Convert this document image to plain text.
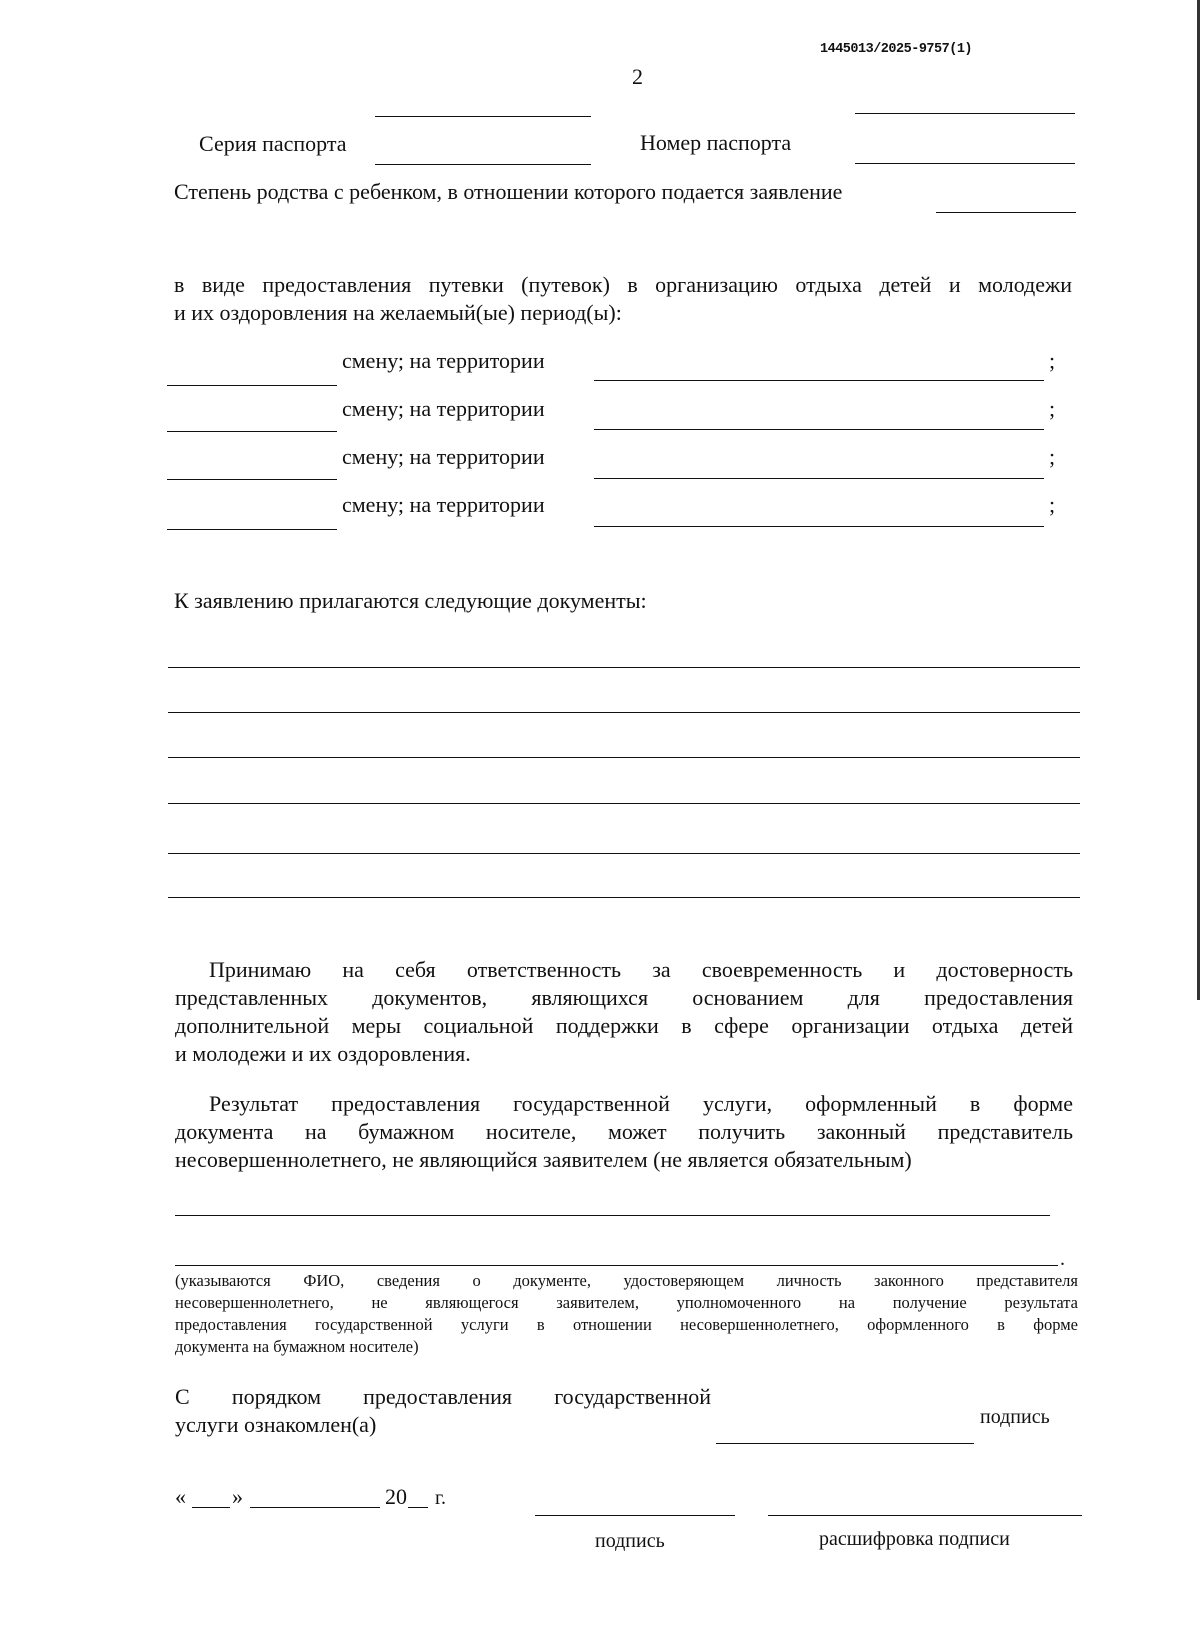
1445013/2025-9757(1)
2
Серия паспорта	Номер паспорта
Степень родства с ребенком, в отношении которого подается заявление
в виде предоставления путевки (путевок) в организацию отдыха детей и молодежи
и их оздоровления на желаемый(ые) период(ы):
смену; на территории	;
смену; на территории	;
смену; на территории	;
смену; на территории	;
К заявлению прилагаются следующие документы:
Принимаю на себя ответственность за своевременность и достоверность
представленных документов, являющихся основанием для предоставления
дополнительной меры социальной поддержки в сфере организации отдыха детей
и молодежи и их оздоровления.
Результат предоставления государственной услуги, оформленный в форме
документа на бумажном носителе, может получить законный представитель
несовершеннолетнего, не являющийся заявителем (не является обязательным)
.
(указываются ФИО, сведения о документе, удостоверяющем личность законного представителя
несовершеннолетнего, не являющегося заявителем, уполномоченного на получение результата
предоставления государственной услуги в отношении несовершеннолетнего, оформленного в форме
документа на бумажном носителе)
С порядком предоставления государственной
услуги ознакомлен(а)	подпись
« »	20 г.
подпись	расшифровка подписи
